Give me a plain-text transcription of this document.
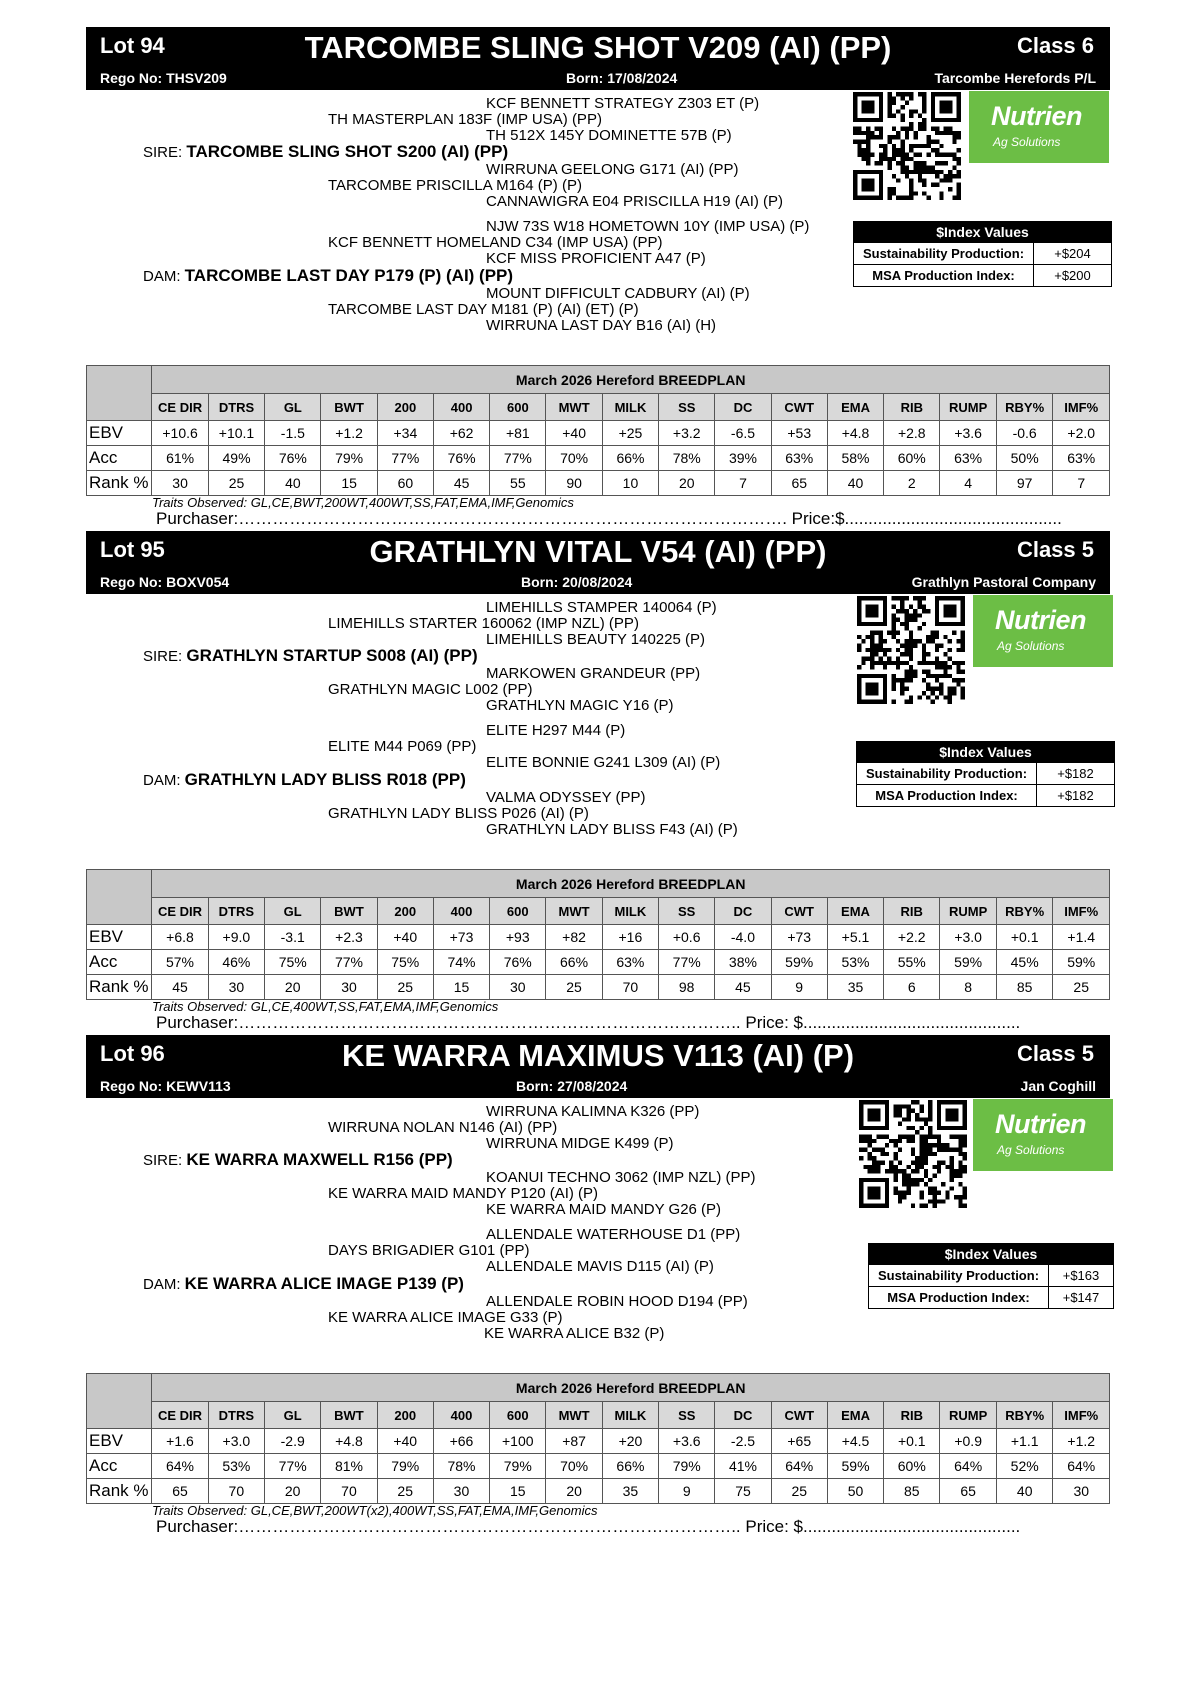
Lot 94	TARCOMBE SLING SHOT V209 (AI) (PP)	Class 6
Rego No: THSV209	Born: 17/08/2024	Tarcombe Herefords P/L
KCF BENNETT STRATEGY Z303 ET (P)
TH MASTERPLAN 183F (IMP USA) (PP)
TH 512X 145Y DOMINETTE 57B (P)
SIRE: TARCOMBE SLING SHOT S200 (AI) (PP)
WIRRUNA GEELONG G171 (AI) (PP)
TARCOMBE PRISCILLA M164 (P) (P)
CANNAWIGRA E04 PRISCILLA H19 (AI) (P)
NJW 73S W18 HOMETOWN 10Y (IMP USA) (P)
KCF BENNETT HOMELAND C34 (IMP USA) (PP)
KCF MISS PROFICIENT A47 (P)
DAM: TARCOMBE LAST DAY P179 (P) (AI) (PP)
MOUNT DIFFICULT CADBURY (AI) (P)
TARCOMBE LAST DAY M181 (P) (AI) (ET) (P)
WIRRUNA LAST DAY B16 (AI) (H)
Nutrien
Ag Solutions
$Index Values
Sustainability Production:	+$204
MSA Production Index:	+$200
	March 2026 Hereford BREEDPLAN																
	CE DIR	DTRS	GL	BWT	200	400	600	MWT	MILK	SS	DC	CWT	EMA	RIB	RUMP	RBY%	IMF%
EBV	+10.6	+10.1	-1.5	+1.2	+34	+62	+81	+40	+25	+3.2	-6.5	+53	+4.8	+2.8	+3.6	-0.6	+2.0
Acc	61%	49%	76%	79%	77%	76%	77%	70%	66%	78%	39%	63%	58%	60%	63%	50%	63%
Rank %	30	25	40	15	60	45	55	90	10	20	7	65	40	2	4	97	7
Traits Observed: GL,CE,BWT,200WT,400WT,SS,FAT,EMA,IMF,Genomics
Purchaser:……………………………………………………………………………………. Price:$..............................................
Lot 95	GRATHLYN VITAL V54 (AI) (PP)	Class 5
Rego No: BOXV054	Born: 20/08/2024	Grathlyn Pastoral Company
LIMEHILLS STAMPER 140064 (P)
LIMEHILLS STARTER 160062 (IMP NZL) (PP)
LIMEHILLS BEAUTY 140225 (P)
SIRE: GRATHLYN STARTUP S008 (AI) (PP)
MARKOWEN GRANDEUR (PP)
GRATHLYN MAGIC L002 (PP)
GRATHLYN MAGIC Y16 (P)
ELITE H297 M44 (P)
ELITE M44 P069 (PP)
ELITE BONNIE G241 L309 (AI) (P)
DAM: GRATHLYN LADY BLISS R018 (PP)
VALMA ODYSSEY (PP)
GRATHLYN LADY BLISS P026 (AI) (P)
GRATHLYN LADY BLISS F43 (AI) (P)
Nutrien
Ag Solutions
$Index Values
Sustainability Production:	+$182
MSA Production Index:	+$182
	March 2026 Hereford BREEDPLAN																
	CE DIR	DTRS	GL	BWT	200	400	600	MWT	MILK	SS	DC	CWT	EMA	RIB	RUMP	RBY%	IMF%
EBV	+6.8	+9.0	-3.1	+2.3	+40	+73	+93	+82	+16	+0.6	-4.0	+73	+5.1	+2.2	+3.0	+0.1	+1.4
Acc	57%	46%	75%	77%	75%	74%	76%	66%	63%	77%	38%	59%	53%	55%	59%	45%	59%
Rank %	45	30	20	30	25	15	30	25	70	98	45	9	35	6	8	85	25
Traits Observed: GL,CE,400WT,SS,FAT,EMA,IMF,Genomics
Purchaser:…………………………………………………………………………….. Price: $..............................................
Lot 96	KE WARRA MAXIMUS V113 (AI) (P)	Class 5
Rego No: KEWV113	Born: 27/08/2024	Jan Coghill
WIRRUNA KALIMNA K326 (PP)
WIRRUNA NOLAN N146 (AI) (PP)
WIRRUNA MIDGE K499 (P)
SIRE: KE WARRA MAXWELL R156 (PP)
KOANUI TECHNO 3062 (IMP NZL) (PP)
KE WARRA MAID MANDY P120 (AI) (P)
KE WARRA MAID MANDY G26 (P)
ALLENDALE WATERHOUSE D1 (PP)
DAYS BRIGADIER G101 (PP)
ALLENDALE MAVIS D115 (AI) (P)
DAM: KE WARRA ALICE IMAGE P139 (P)
ALLENDALE ROBIN HOOD D194 (PP)
KE WARRA ALICE IMAGE G33 (P)
KE WARRA ALICE B32 (P)
Nutrien
Ag Solutions
$Index Values
Sustainability Production:	+$163
MSA Production Index:	+$147
	March 2026 Hereford BREEDPLAN																
	CE DIR	DTRS	GL	BWT	200	400	600	MWT	MILK	SS	DC	CWT	EMA	RIB	RUMP	RBY%	IMF%
EBV	+1.6	+3.0	-2.9	+4.8	+40	+66	+100	+87	+20	+3.6	-2.5	+65	+4.5	+0.1	+0.9	+1.1	+1.2
Acc	64%	53%	77%	81%	79%	78%	79%	70%	66%	79%	41%	64%	59%	60%	64%	52%	64%
Rank %	65	70	20	70	25	30	15	20	35	9	75	25	50	85	65	40	30
Traits Observed: GL,CE,BWT,200WT(x2),400WT,SS,FAT,EMA,IMF,Genomics
Purchaser:…………………………………………………………………………….. Price: $..............................................
